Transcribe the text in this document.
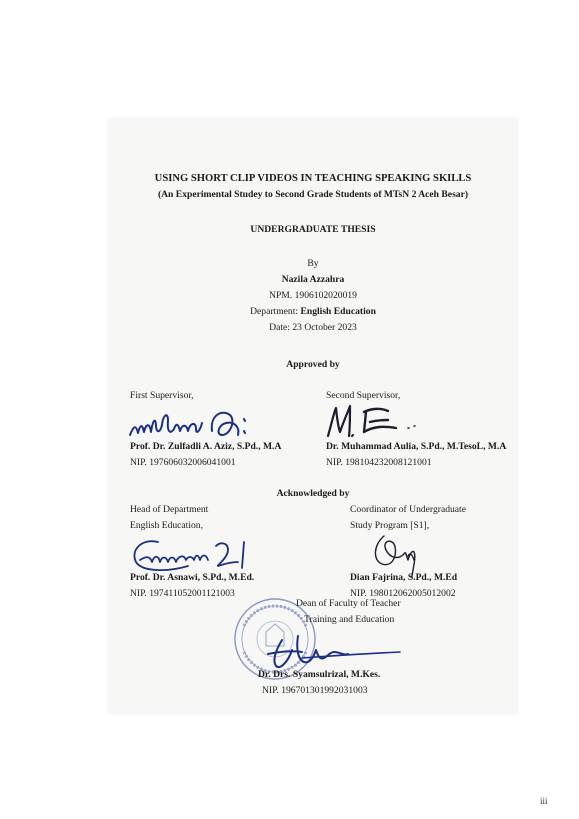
USING SHORT CLIP VIDEOS IN TEACHING SPEAKING SKILLS
(An Experimental Studey to Second Grade Students of MTsN 2 Aceh Besar)
UNDERGRADUATE THESIS
By
Nazila Azzahra
NPM. 1906102020019
Department: English Education
Date: 23 October 2023
Approved by
First Supervisor,
Prof. Dr. Zulfadli A. Aziz, S.Pd., M.A
NIP. 197606032006041001
Second Supervisor,
Dr. Muhammad Aulia, S.Pd., M.TesoL, M.A
NIP. 198104232008121001
Acknowledged by
Head of Department
English Education,
Prof. Dr. Asnawi, S.Pd., M.Ed.
NIP. 197411052001121003
Coordinator of Undergraduate
Study Program [S1],
Dian Fajrina, S.Pd., M.Ed
NIP. 198012062005012002
Dean of Faculty of Teacher
Training and Education
Dr. Drs. Syamsulrizal, M.Kes.
NIP. 196701301992031003
iii
